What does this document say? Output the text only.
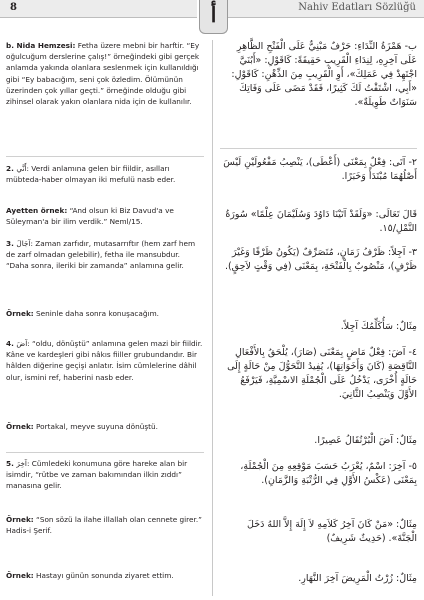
8	Nahiv Edatları Sözlüğü
أ

b. Nida Hemzesi: Fetha üzere mebni bir harftir. “Ey oğulcuğum derslerine çalış!” örneğindeki gibi gerçek anlamda yakında olanlara seslenmek için kullanıldığı gibi “Ey babacığım, seni çok özledim. Ölümünün üzerinden çok yıllar geçti.” örneğinde olduğu gibi zihinsel olarak yakın olanlara nida için de kullanılır.

2. أَنَّي: Verdi anlamına gelen bir fiildir, asılları mübteda-haber olmayan iki mefulü nasb eder.

Ayetten örnek: “And olsun ki Biz Davud'a ve Süleyman'a bir ilim verdik.” Neml/15.

3. آجَالَ: Zaman zarfıdır, mutasarrıftır (hem zarf hem de zarf olmadan gelebilir), fetha ile mansubdur. “Daha sonra, ileriki bir zamanda” anlamına gelir.

Örnek: Seninle daha sonra konuşacağım.

4. آضَ: “oldu, dönüştü” anlamına gelen mazi bir fiildir. Kâne ve kardeşleri gibi nâkıs fiiller grubundandır. Bir hâlden diğerine geçişi anlatır. İsim cümlelerine dâhil olur, ismini ref, haberini nasb eder.

Örnek: Portakal, meyve suyuna dönüştü.

5. آخِرَ: Cümledeki konumuna göre hareke alan bir isimdir, “rütbe ve zaman bakımından ilkin zıddı” manasına gelir.

Örnek: “Son sözü la ilahe illallah olan cennete girer.” Hadis-i Şerif.

Örnek: Hastayı günün sonunda ziyaret ettim.

ب- هَمْزَةُ النِّدَاءِ: حَرْفٌ مَبْنِيٌّ عَلَى الْفَتْحِ الظَّاهِرِ عَلَى آخِرِهِ، لِنِدَاءِ الْقَرِيبِ حَقِيقَةً: كَاقَوْلِ: «أَبُنَيَّ اجْتَهِدْ فِي عَمَلِكَ»، أَوِ الْقَرِيبِ مِنَ الذِّهْنِ: كَاقَوْلِ: «أَبِي، اشْتَقْتُ لَكَ كَثِيرًا، فَقَدْ مَضَى عَلَى وَفَاتِكَ سَنَوَاتٌ طَوِيلَةٌ».

٢- آتَى: فِعْلٌ بِمَعْنَى (أَعْطَى)، يَنْصِبُ مَفْعُولَيْنِ لَيْسَ أَصْلُهُمَا مُبْتَدَأً وَخَبَرًا.

قَالَ تَعَالَى: «وَلَقَدْ آتَيْنَا دَاوُدَ وَسُلَيْمَانَ عِلْمًا» سُورَةُ النَّمْلِ/١٥.

٣- آجِلاً: ظَرْفُ زَمَانٍ، مُتَصَرِّفٌ (يَكُونُ ظَرْفًا وَغَيْرَ ظَرْفٍ)، مَنْصُوبٌ بِالْفَتْحَةِ، بِمَعْنَى (فِي وَقْتٍ لاَحِقٍ).

مِثَالٌ: سَأُكَلِّمُكَ آجِلاً.

٤- آضَ: فِعْلٌ مَاضٍ بِمَعْنَى (صَارَ)، يُلْحَقُ بِالأَفْعَالِ النَّاقِصَةِ (كَانَ وَأَخَوَاتِهَا)، يُفِيدُ التَّحَوُّلَ مِنْ حَالَةٍ إِلَى حَالَةٍ أُخْرَى، يَدْخُلُ عَلَى الْجُمْلَةِ الاسْمِيَّةِ، فَيَرْفَعُ الأَوَّلَ وَيَنْصِبُ الثَّانِيَ.

مِثَالٌ: آضَ الْبُرْتُقَالُ عَصِيرًا.

٥- آخِرَ: اسْمٌ، يُعْرَبُ حَسَبَ مَوْقِعِهِ مِنَ الْجُمْلَةِ، بِمَعْنَى (عَكْسُ الأَوَّلِ فِي الرُّتْبَةِ وَالزَّمَانِ).

مِثَالٌ: «مَنْ كَانَ آخِرُ كَلاَمِهِ لاَ إِلَهَ إِلاَّ اللهُ دَخَلَ الْجَنَّةَ». (حَدِيثٌ شَرِيفٌ)

مِثَالٌ: زُرْتُ الْمَرِيضَ آخِرَ النَّهَارِ.
